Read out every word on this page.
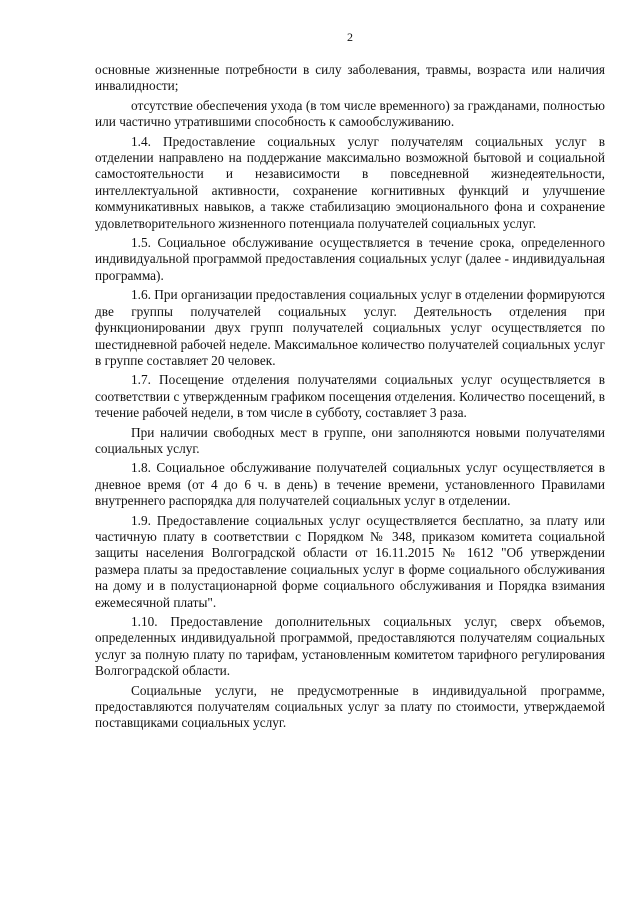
2

основные жизненные потребности в силу заболевания, травмы, возраста или наличия инвалидности;

отсутствие обеспечения ухода (в том числе временного) за гражданами, полностью или частично утратившими способность к самообслуживанию.

1.4. Предоставление социальных услуг получателям социальных услуг в отделении направлено на поддержание максимально возможной бытовой и социальной самостоятельности и независимости в повседневной жизнедеятельности, интеллектуальной активности, сохранение когнитивных функций и улучшение коммуникативных навыков, а также стабилизацию эмоционального фона и сохранение удовлетворительного жизненного потенциала получателей социальных услуг.

1.5. Социальное обслуживание осуществляется в течение срока, определенного индивидуальной программой предоставления социальных услуг (далее - индивидуальная программа).

1.6. При организации предоставления социальных услуг в отделении формируются две группы получателей социальных услуг. Деятельность отделения при функционировании двух групп получателей социальных услуг осуществляется по шестидневной рабочей неделе. Максимальное количество получателей социальных услуг в группе составляет 20 человек.

1.7. Посещение отделения получателями социальных услуг осуществляется в соответствии с утвержденным графиком посещения отделения. Количество посещений, в течение рабочей недели, в том числе в субботу, составляет 3 раза.

При наличии свободных мест в группе, они заполняются новыми получателями социальных услуг.

1.8. Социальное обслуживание получателей социальных услуг осуществляется в дневное время (от 4 до 6 ч. в день) в течение времени, установленного Правилами внутреннего распорядка для получателей социальных услуг в отделении.

1.9. Предоставление социальных услуг осуществляется бесплатно, за плату или частичную плату в соответствии с Порядком № 348, приказом комитета социальной защиты населения Волгоградской области от 16.11.2015 № 1612 "Об утверждении размера платы за предоставление социальных услуг в форме социального обслуживания на дому и в полустационарной форме социального обслуживания и Порядка взимания ежемесячной платы".

1.10. Предоставление дополнительных социальных услуг, сверх объемов, определенных индивидуальной программой, предоставляются получателям социальных услуг за полную плату по тарифам, установленным комитетом тарифного регулирования Волгоградской области.

Социальные услуги, не предусмотренные в индивидуальной программе, предоставляются получателям социальных услуг за плату по стоимости, утверждаемой поставщиками социальных услуг.
